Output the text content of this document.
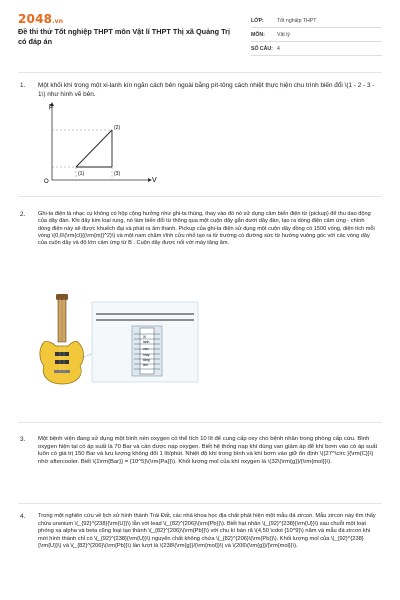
2048.vn
Đề thi thử Tốt nghiệp THPT môn Vật lí THPT Thị xã Quảng Trị có đáp án
LỚP:	Tốt nghiệp THPT
MÔN:	Vật lý
SỐ CÂU: 4
1. Một khối khí trong một xi-lanh kín ngăn cách bên ngoài bằng pít-tông cách nhiệt thực hiện chu trình biến đổi \(1 - 2 - 3 - 1\) như hình vẽ bên.
p
V
O
(1)
(2)
(3)
2. Ghi-ta điện là nhạc cụ không có hộp cộng hưởng như ghi-ta thùng, thay vào đó nó sử dụng cảm biến điện từ (pickup) để thu dao động của dây đàn. Khi dây kim loại rung, nó làm biến đổi từ thông qua một cuộn dây gắn dưới dây đàn, tạo ra dòng điện cảm ứng - chính dòng điện này sẽ được khuếch đại và phát ra âm thanh. Pickup của ghi-ta điện sử dụng một cuộn dây đồng có 1500 vòng, diện tích mỗi vòng \(0,6\(\rm{cl}{(\rm{m}}^2}\) và một nam châm vĩnh cửu nhỏ tạo ra từ trường có đường sức từ hướng vuông góc với các vòng dây của cuộn dây và độ lớn cảm ứng từ B . Cuộn dây được nối với máy tăng âm.
Xi
lanh
van
máy
tăng
âm
3. Một bệnh viện đang sử dụng một bình nén oxygen có thể tích 10 lít để cung cấp oxy cho bệnh nhân trong phòng cấp cứu. Bình oxygen hiện tại có áp suất là 70 Bar và cần được nạp oxygen. Biết hệ thống nạp khí dùng van giảm áp để khí bơm vào có áp suất luôn có giá trị 150 Bar và lưu lượng không đổi 1 lít/phút. Nhiệt độ khí trong bình và khí bơm vào giữ ổn định \({27^\circ }{\rm{C}}\) nhờ aftercooler. Biết \(1\rm{Bar}} = {10^5}\(\rm{Pa}}\). Khối lượng mol của khí oxygen là \(32\(\rm{g}}/{\rm{mol}}\).
4. Trong một nghiên cứu về lịch sử hình thành Trái Đất, các nhà khoa học địa chất phát hiện một mẫu đá zircon. Mẫu zircon này tìm thấy chứa uranium \(_{92}^{238}{\rm{U}}\) lẫn với lead \(_{82}^{206}\(\rm{Pb}}\). Biết hạt nhân \(_{92}^{238}{\rm{U}}\) sau chuỗi một loạt phóng xạ alpha và beta cũng loại tạo thành \(_{82}^{206}\(\rm{Pb}}\) với chu kì bán rã \(4,50 \cdot {10^9}\) năm và mẫu đá zircon khi mới hình thành chỉ có \(_{92}^{238}{\rm{U}}\) nguyên chất không chứa \(_{82}^{206}\(\rm{Pb}}\). Khối lượng mol của \(_{92}^{238}{\rm{U}}\) và \(_{82}^{206}\(\rm{Pb}}\) lần lượt là \(238\(\rm{g}}/{\rm{mol}}\) và \(206\(\rm{g}}/{\rm{mol}}\).
